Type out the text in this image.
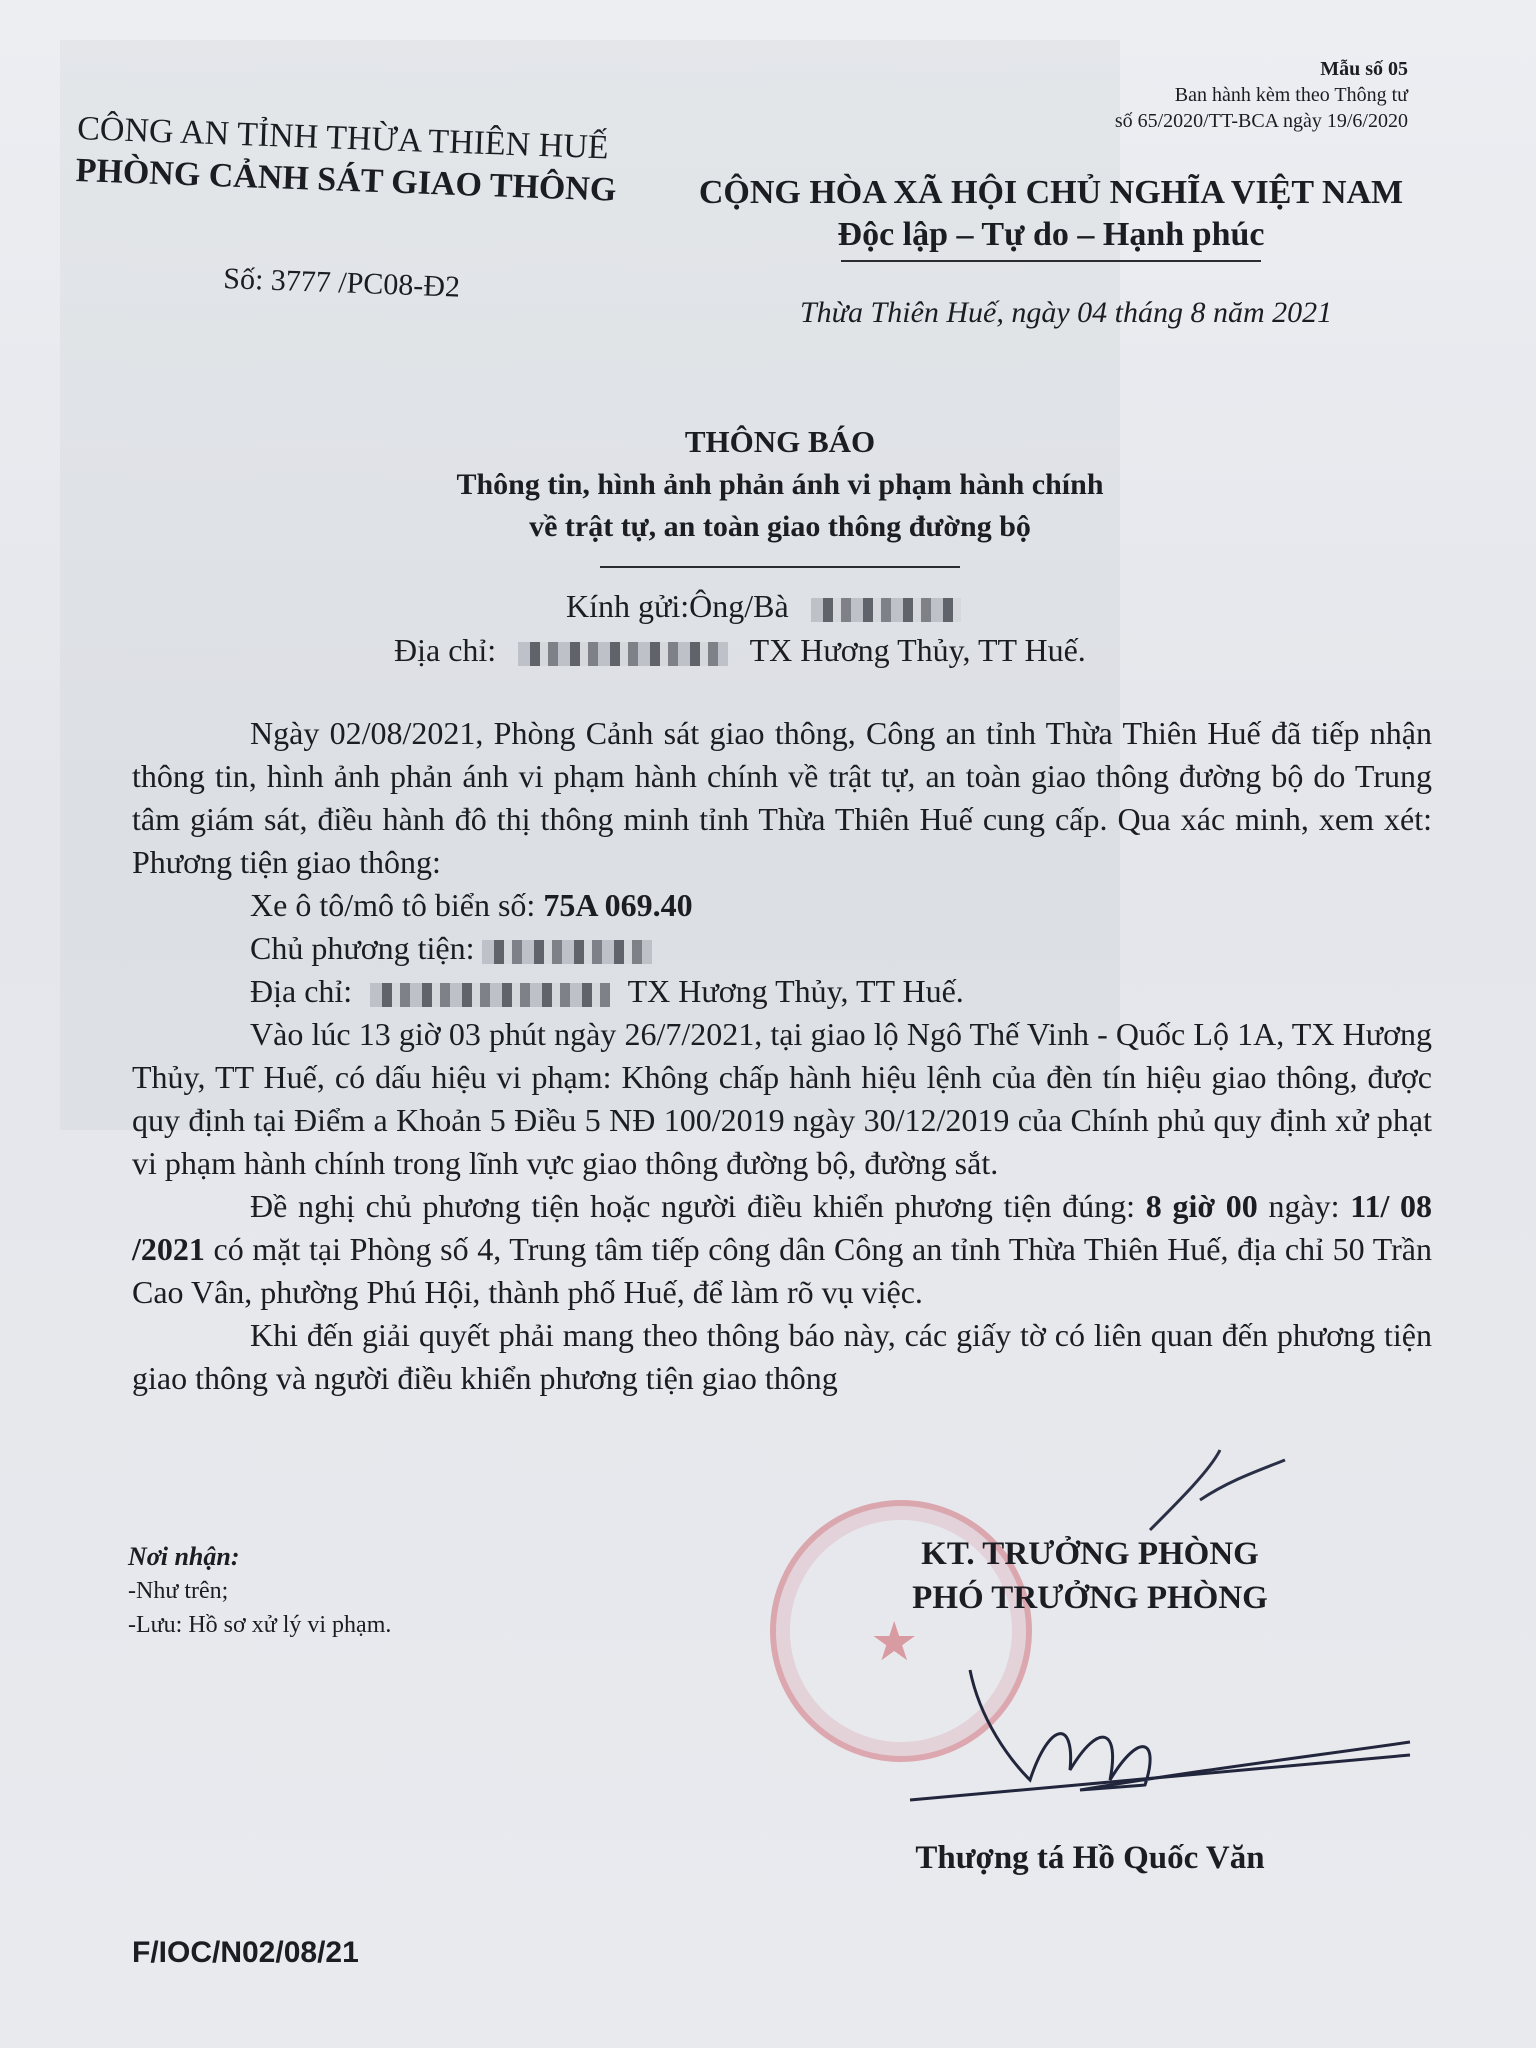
Mẫu số 05
Ban hành kèm theo Thông tư
số 65/2020/TT-BCA ngày 19/6/2020
CÔNG AN TỈNH THỪA THIÊN HUẾ
PHÒNG CẢNH SÁT GIAO THÔNG
Số: 3777 /PC08-Đ2
CỘNG HÒA XÃ HỘI CHỦ NGHĨA VIỆT NAM
Độc lập – Tự do – Hạnh phúc
Thừa Thiên Huế, ngày 04 tháng 8 năm 2021
THÔNG BÁO
Thông tin, hình ảnh phản ánh vi phạm hành chính
về trật tự, an toàn giao thông đường bộ
Kính gửi:Ông/Bà
Địa chỉ:	TX Hương Thủy, TT Huế.

Ngày 02/08/2021, Phòng Cảnh sát giao thông, Công an tỉnh Thừa Thiên Huế đã tiếp nhận thông tin, hình ảnh phản ánh vi phạm hành chính về trật tự, an toàn giao thông đường bộ do Trung tâm giám sát, điều hành đô thị thông minh tỉnh Thừa Thiên Huế cung cấp. Qua xác minh, xem xét: Phương tiện giao thông:

Xe ô tô/mô tô biển số: 75A 069.40

Chủ phương tiện:

Địa chỉ:	TX Hương Thủy, TT Huế.

Vào lúc 13 giờ 03 phút ngày 26/7/2021, tại giao lộ Ngô Thế Vinh - Quốc Lộ 1A, TX Hương Thủy, TT Huế, có dấu hiệu vi phạm: Không chấp hành hiệu lệnh của đèn tín hiệu giao thông, được quy định tại Điểm a Khoản 5 Điều 5 NĐ 100/2019 ngày 30/12/2019 của Chính phủ quy định xử phạt vi phạm hành chính trong lĩnh vực giao thông đường bộ, đường sắt.

Đề nghị chủ phương tiện hoặc người điều khiển phương tiện đúng: 8 giờ 00 ngày: 11/ 08 /2021 có mặt tại Phòng số 4, Trung tâm tiếp công dân Công an tỉnh Thừa Thiên Huế, địa chỉ 50 Trần Cao Vân, phường Phú Hội, thành phố Huế, để làm rõ vụ việc.

Khi đến giải quyết phải mang theo thông báo này, các giấy tờ có liên quan đến phương tiện giao thông và người điều khiển phương tiện giao thông

Nơi nhận:
-Như trên;
-Lưu: Hồ sơ xử lý vi phạm.	★
KT. TRƯỞNG PHÒNG
PHÓ TRƯỞNG PHÒNG
Thượng tá Hồ Quốc Văn
F/IOC/N02/08/21
